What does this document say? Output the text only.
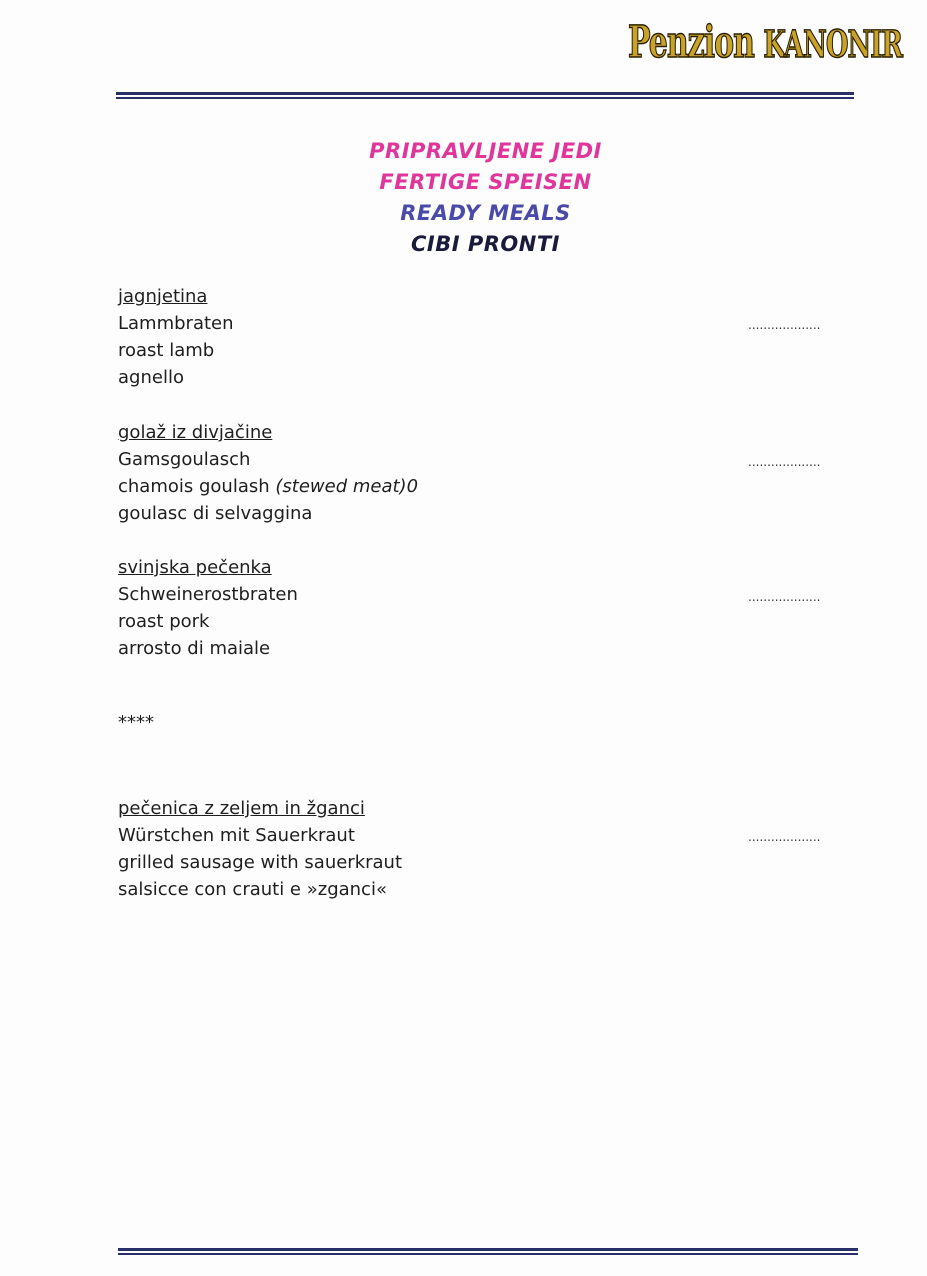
Penzion KANONIR
PRIPRAVLJENE JEDI
FERTIGE SPEISEN
READY MEALS
CIBI PRONTI
jagnjetina
Lammbraten
roast lamb
agnello
...................
golaž iz divjačine
Gamsgoulasch
chamois goulash (stewed meat)0
goulasc di selvaggina
...................
svinjska pečenka
Schweinerostbraten
roast pork
arrosto di maiale
...................
****
pečenica z zeljem in žganci
Würstchen mit Sauerkraut
grilled sausage with sauerkraut
salsicce con crauti e »zganci«
...................
